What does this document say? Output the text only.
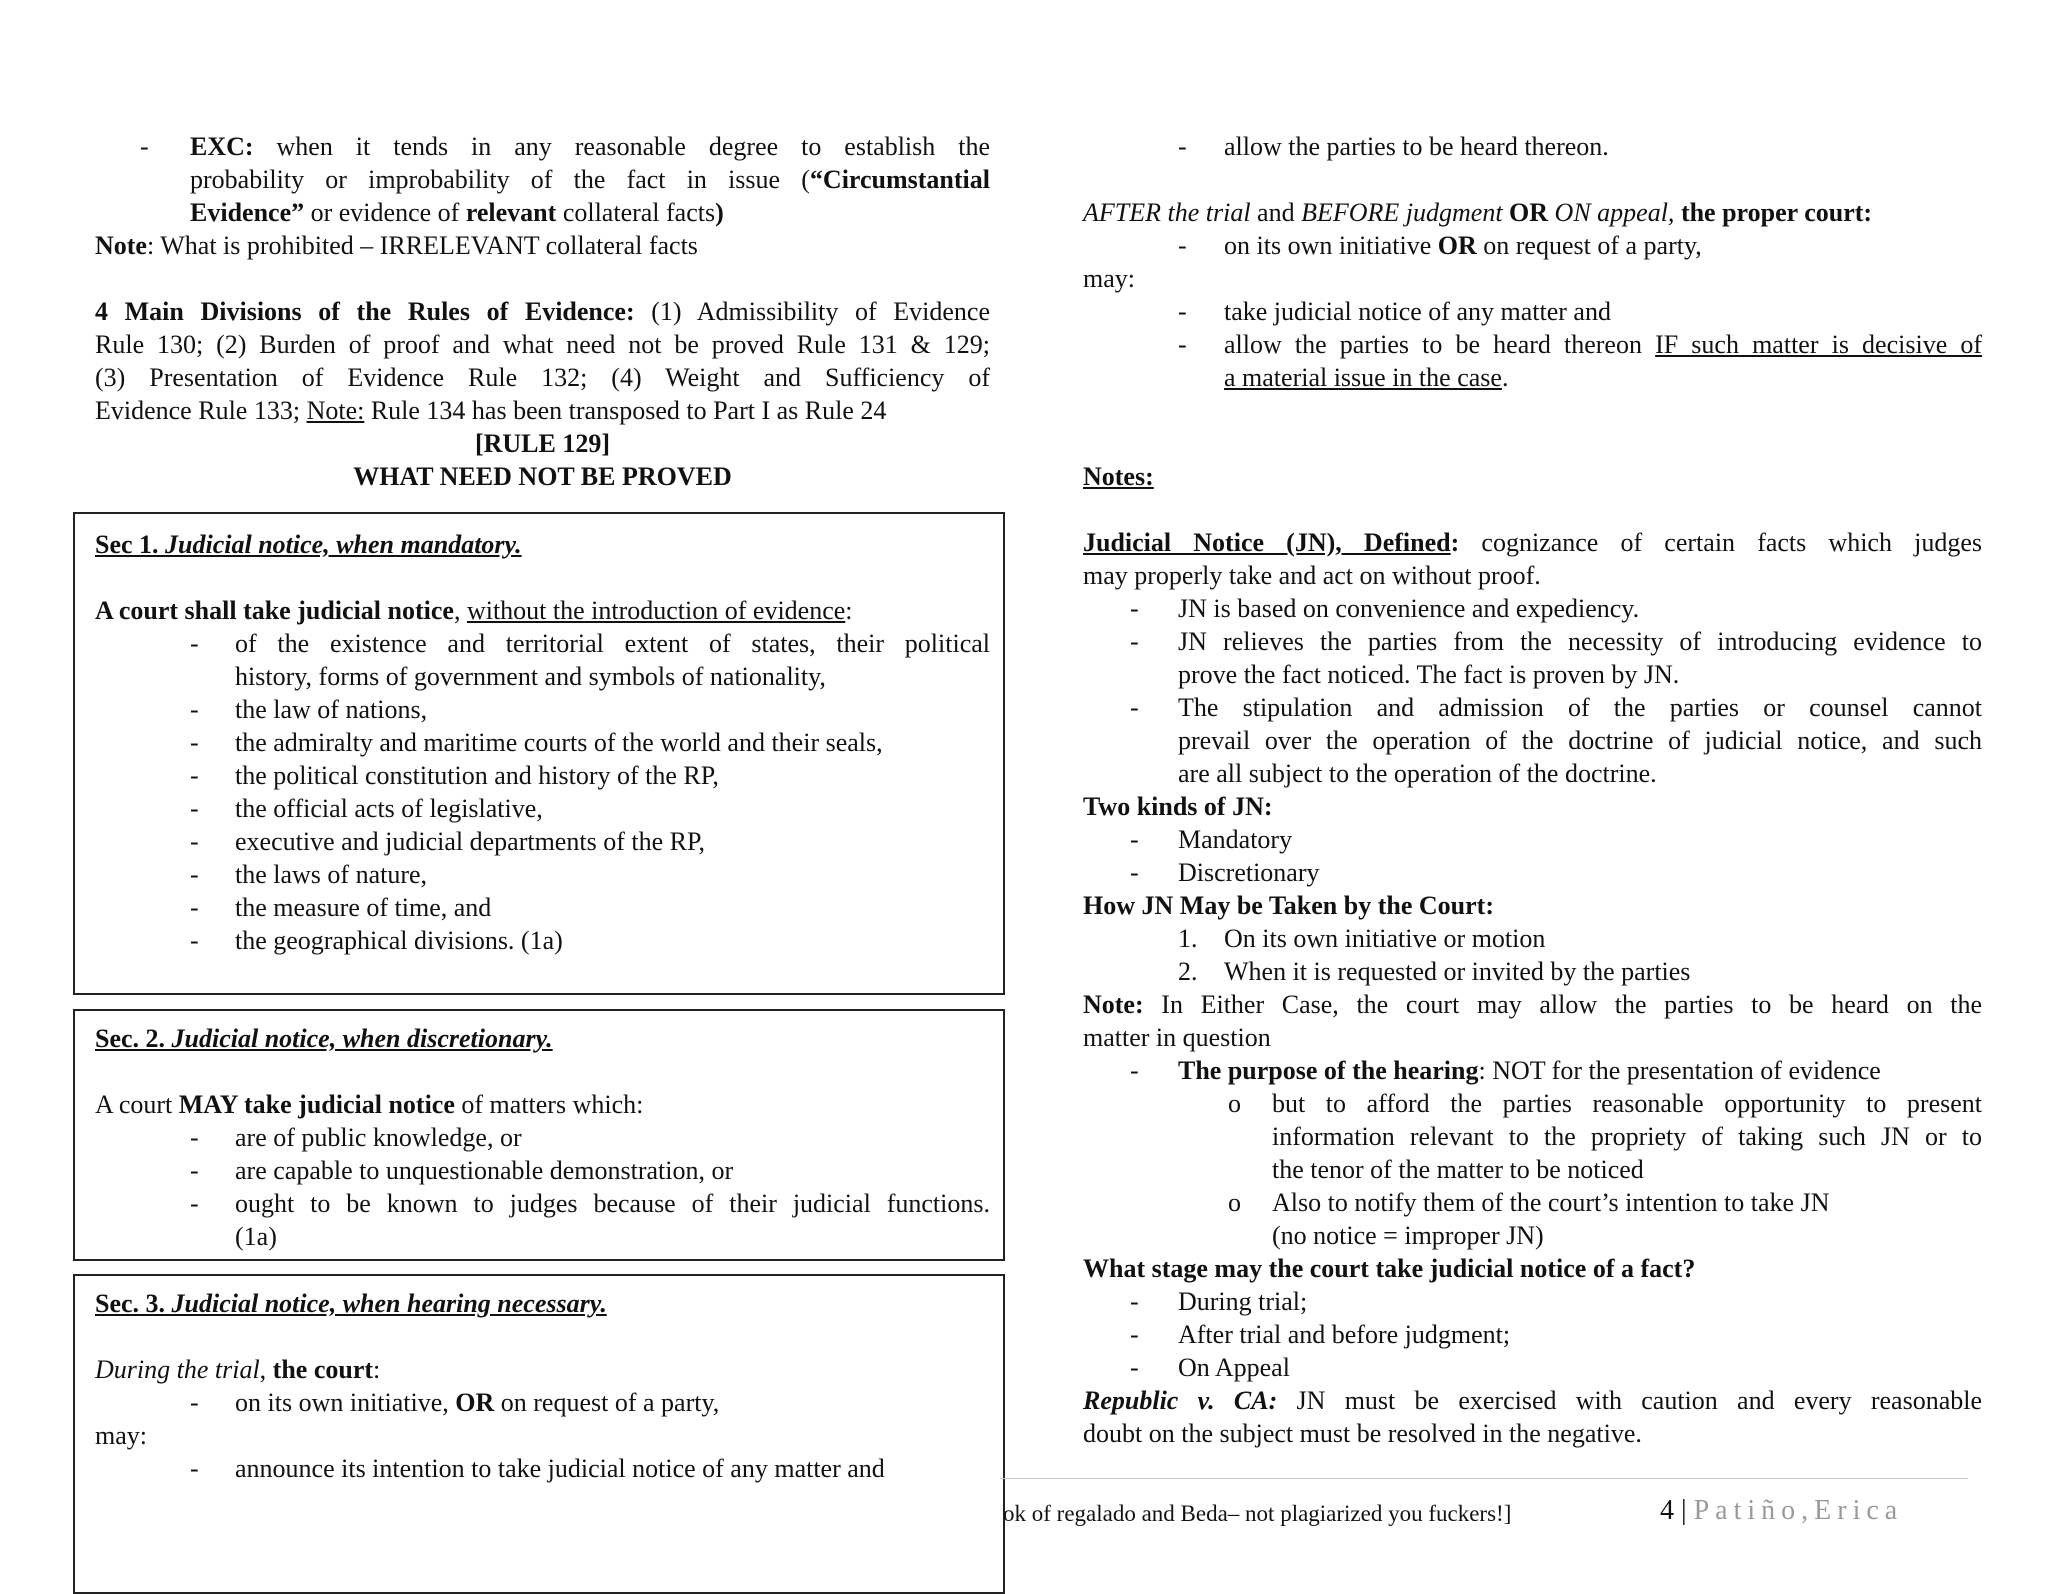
- EXC: when it tends in any reasonable degree to establish the
probability or improbability of the fact in issue (“Circumstantial
Evidence” or evidence of relevant collateral facts)
Note: What is prohibited – IRRELEVANT collateral facts
4 Main Divisions of the Rules of Evidence: (1) Admissibility of Evidence
Rule 130; (2) Burden of proof and what need not be proved Rule 131 & 129;
(3) Presentation of Evidence Rule 132; (4) Weight and Sufficiency of
Evidence Rule 133; Note: Rule 134 has been transposed to Part I as Rule 24
[RULE 129]
WHAT NEED NOT BE PROVED
Sec 1. Judicial notice, when mandatory.
A court shall take judicial notice, without the introduction of evidence:
- of the existence and territorial extent of states, their political
history, forms of government and symbols of nationality,
- the law of nations,
- the admiralty and maritime courts of the world and their seals,
- the political constitution and history of the RP,
- the official acts of legislative,
- executive and judicial departments of the RP,
- the laws of nature,
- the measure of time, and
- the geographical divisions. (1a)
Sec. 2. Judicial notice, when discretionary.
A court MAY take judicial notice of matters which:
- are of public knowledge, or
- are capable to unquestionable demonstration, or
- ought to be known to judges because of their judicial functions.
(1a)
Sec. 3. Judicial notice, when hearing necessary.
During the trial, the court:
- on its own initiative, OR on request of a party,
may:
- announce its intention to take judicial notice of any matter and
- allow the parties to be heard thereon.
AFTER the trial and BEFORE judgment OR ON appeal, the proper court:
- on its own initiative OR on request of a party,
may:
- take judicial notice of any matter and
- allow the parties to be heard thereon IF such matter is decisive of
a material issue in the case.
Notes:
Judicial Notice (JN), Defined: cognizance of certain facts which judges
may properly take and act on without proof.
- JN is based on convenience and expediency.
- JN relieves the parties from the necessity of introducing evidence to
prove the fact noticed. The fact is proven by JN.
- The stipulation and admission of the parties or counsel cannot
prevail over the operation of the doctrine of judicial notice, and such
are all subject to the operation of the doctrine.
Two kinds of JN:
- Mandatory
- Discretionary
How JN May be Taken by the Court:
1. On its own initiative or motion
2. When it is requested or invited by the parties
Note: In Either Case, the court may allow the parties to be heard on the
matter in question
- The purpose of the hearing: NOT for the presentation of evidence
o but to afford the parties reasonable opportunity to present
information relevant to the propriety of taking such JN or to
the tenor of the matter to be noticed
o Also to notify them of the court’s intention to take JN
(no notice = improper JN)
What stage may the court take judicial notice of a fact?
- During trial;
- After trial and before judgment;
- On Appeal
Republic v. CA: JN must be exercised with caution and every reasonable
doubt on the subject must be resolved in the negative.
ok of regalado and Beda– not plagiarized you fuckers!]	4 | Patiño,Erica
